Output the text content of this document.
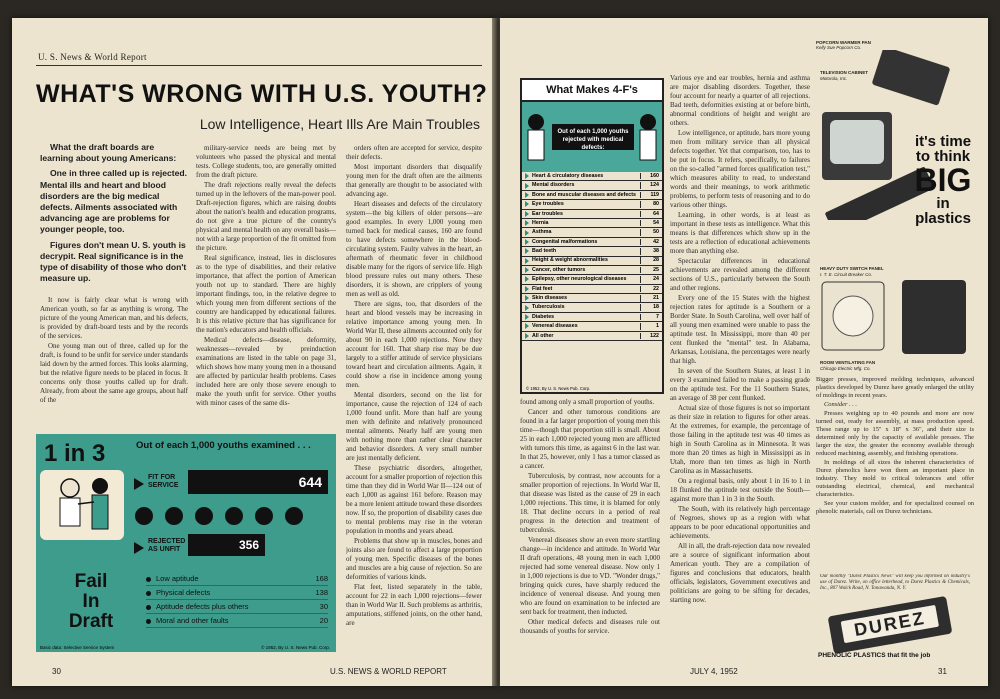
U. S. News & World Report
WHAT'S WRONG WITH U.S. YOUTH?
Low Intelligence, Heart Ills Are Main Troubles

What the draft boards are learning about young Americans:

One in three called up is rejected. Mental ills and heart and blood disorders are the big medical defects. Ailments associated with advancing age are problems for younger people, too.

Figures don't mean U. S. youth is decrypit. Real significance is in the type of disability of those who don't measure up.

It now is fairly clear what is wrong with American youth, so far as anything is wrong. The picture of the young American man, and his defects, is provided by draft-board tests and by the records of the services.

One young man out of three, called up for the draft, is found to be unfit for service under standards laid down by the armed forces. This looks alarming, but the relative figure needs to be placed in focus. It concerns only those youths called up for draft. Already, from about the same age groups, about half of the

military-service needs are being met by volunteers who passed the physical and mental tests. College students, too, are generally omitted from the draft picture.

The draft rejections really reveal the defects turned up in the leftovers of the man-power pool. Draft-rejection figures, which are raising doubts about the nation's health and education programs, do not give a true picture of the country's physical and mental health on any overall basis—not with a large proportion of the fit omitted from the picture.

Real significance, instead, lies in disclosures as to the type of disabilities, and their relative importance, that affect the portion of American youth not up to standard. There are highly important findings, too, in the relative degree to which young men from different sections of the country are handicapped by educational failures. It is this relative picture that has significance for the nation's educators and health officials.

Medical defects—disease, deformity, weaknesses—revealed by preinduction examinations are listed in the table on page 31, which shows how many young men in a thousand are affected by particular health problems. Cases included here are only those severe enough to make the youth unfit for service. Other youths with minor cases of the same dis-

orders often are accepted for service, despite their defects.

Most important disorders that disqualify young men for the draft often are the ailments that generally are thought to be associated with advancing age.

Heart diseases and defects of the circulatory system—the big killers of older persons—are good examples. In every 1,000 young men turned back for medical causes, 160 are found to have defects somewhere in the blood-circulating system. Faulty valves in the heart, an aftermath of rheumatic fever in childhood disable many for the rigors of service life. High blood pressure rules out many others. These disorders, it is shown, are cripplers of young men as well as old.

There are signs, too, that disorders of the heart and blood vessels may be increasing in relative importance among young men. In World War II, these ailments accounted only for about 90 in each 1,000 rejections. Now they account for 160. That sharp rise may be due largely to a stiffer attitude of service physicians toward heart and circulation ailments. Again, it could show a rise in incidence among young men.

Mental disorders, second on the list for importance, cause the rejection of 124 of each 1,000 found unfit. More than half are young men with definite and relatively pronounced mental ailments. Nearly half are young men with nothing more than rather clear character and behavior disorders. A very small number are just mentally deficient.

These psychiatric disorders, altogether, account for a smaller proportion of rejection this time than they did in World War II—124 out of each 1,000 as against 161 before. Reason may be a more lenient attitude toward these disorders now. If so, the proportion of disability cases due to mental problems may rise in the veteran population in months and years ahead.

Problems that show up in muscles, bones and joints also are found to affect a large proportion of young men. Specific diseases of the bones and muscles are a big cause of rejection. So are deformities of various kinds.

Flat feet, listed separately in the table, account for 22 in each 1,000 rejections—fewer than in World War II. Such problems as arthritis, amputations, stiffened joints, on the other hand, are

1 in 3	Out of each 1,000 youths examined . . .
FIT FOR SERVICE	644
REJECTED AS UNFIT	356
Fail
In
Draft
Low aptitude	168
Physical defects	138
Aptitude defects plus others	30
Moral and other faults	20
Basic data: Selective Service System	© 1952, By U. S. News Pub. Corp.
30	U.S. NEWS & WORLD REPORT
What Makes 4-F's
Out of each 1,000 youths rejected with medical defects:
Heart & circulatory diseases	160
Mental disorders	124
Bone and muscular diseases and defects	119
Eye troubles	80
Ear troubles	64
Hernia	54
Asthma	50
Congenital malformations	42
Bad teeth	38
Height & weight abnormalities	28
Cancer, other tumors	25
Epilepsy, other neurological diseases	24
Flat feet	22
Skin diseases	21
Tuberculosis	18
Diabetes	7
Venereal diseases	1
All other	122
© 1952, By U. S. News Pub. Corp.

found among only a small proportion of youths.

Cancer and other tumorous conditions are found in a far larger proportion of young men this time—though that proportion still is small. About 25 in each 1,000 rejected young men are afflicted with tumors this time, as against 6 in the last war. In that 25, however, only 1 has a tumor classed as a cancer.

Tuberculosis, by contrast, now accounts for a smaller proportion of rejections. In World War II, that disease was listed as the cause of 29 in each 1,000 rejections. This time, it is blamed for only 18. That decline occurs in a period of real progress in the detection and treatment of tuberculosis.

Venereal diseases show an even more startling change—in incidence and attitude. In World War II draft operations, 48 young men in each 1,000 rejected had some venereal disease. Now only 1 in 1,000 rejections is due to VD. "Wonder drugs," bringing quick cures, have sharply reduced the incidence of venereal disease. And young men who are found on examination to be infected are sent back for treatment, then inducted.

Other medical defects and diseases rule out thousands of youths for service.

Various eye and ear troubles, hernia and asthma are major disabling disorders. Together, these four account for nearly a quarter of all rejections. Bad teeth, deformities existing at or before birth, abnormal conditions of height and weight are others.

Low intelligence, or aptitude, bars more young men from military service than all physical defects together. Yet that comparison, too, has to be put in focus. It refers, specifically, to failures on the so-called "armed forces qualification test," which measures ability to read, to understand words and their meanings, to work arithmetic problems, to perform tests of reasoning and to do various other things.

Learning, in other words, is at least as important in these tests as intelligence. What this means is that differences which show up in the tests are a reflection of educational achievements more than anything else.

Spectacular differences in educational achievements are revealed among the different sections of U.S., particularly between the South and other regions.

Every one of the 15 States with the highest rejection rates for aptitude is a Southern or a Border State. In South Carolina, well over half of all young men examined were unable to pass the aptitude test. In Mississippi, more than 40 per cent flunked the "mental" test. In Alabama, Arkansas, Louisiana, the percentages were nearly that high.

In seven of the Southern States, at least 1 in every 3 examined failed to make a passing grade on the aptitude test. For the 11 Southern States, an average of 38 per cent flunked.

Actual size of those figures is not so important as their size in relation to figures for other areas. At the extremes, for example, the percentage of those failing in the aptitude test was 40 times as high in South Carolina as in Minnesota. It was more than 20 times as high in Mississippi as in Utah, more than ten times as high in North Carolina as in Massachusetts.

On a regional basis, only about 1 in 16 to 1 in 18 flunked the aptitude test outside the South—against more than 1 in 3 in the South.

The South, with its relatively high percentage of Negroes, shows up as a region with what appears to be poor educational opportunities and achievements.

All in all, the draft-rejection data now revealed are a source of significant information about American youth. They are a compilation of figures and conclusions that educators, health officials, legislators, Government executives and politicians are going to be sifting for decades, starting now.

POPCORN WARMER PAN
Kelly Sue Popcorn Co.
TELEVISION CABINET
Motorola, Inc.
it's time
to think
BIG
in
plastics
HEAVY DUTY SWITCH PANEL
I. T. E. Circuit Breaker Co.
ROOM VENTILATING FAN
Chicago Electric Mfg. Co.

Bigger presses, improved molding techniques, advanced plastics developed by Durez have greatly enlarged the utility of moldings in recent years.

Consider . . .

Presses weighing up to 40 pounds and more are now turned out, ready for assembly, at mass production speed. These range up to 15" x 18" x 36", and their size is determined only by the capacity of available presses. The larger the size, the greater the economy available through reduced machining, assembly, and finishing operations.

In moldings of all sizes the inherent characteristics of Durez phenolics have won them an important place in industry. They mold to critical tolerances and offer outstanding electrical, chemical, and mechanical characteristics.

See your custom molder, and for specialized counsel on phenolic materials, call on Durez technicians.

Our monthly "Durez Plastics News" will keep you informed on industry's use of Durez. Write, on office letterhead, to Durez Plastics & Chemicals, Inc., 807 Walck Road, N. Tonawanda, N. Y.
DUREZ
PHENOLIC PLASTICS that fit the job
JULY 4, 1952	31
